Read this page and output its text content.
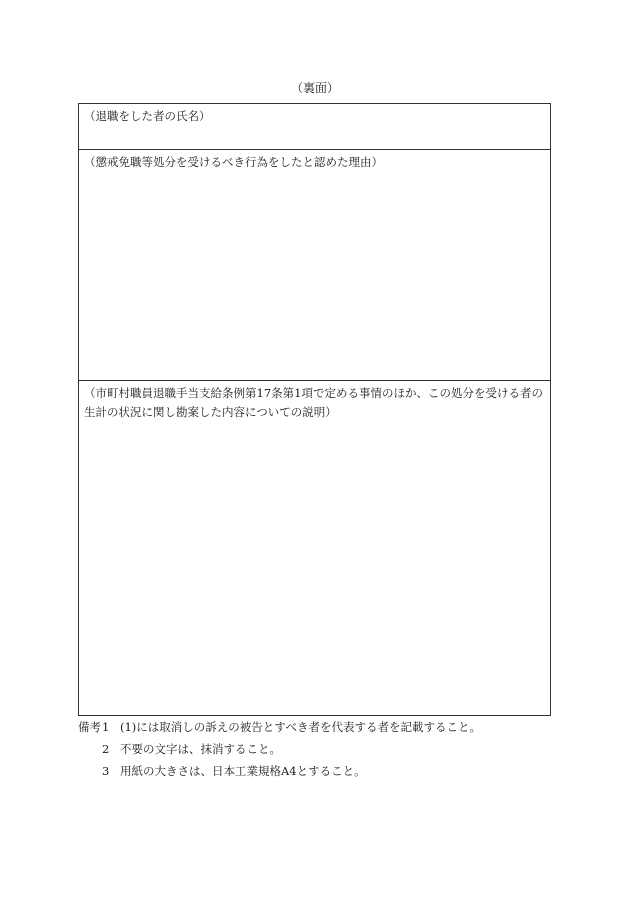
（裏面）
（退職をした者の氏名）
（懲戒免職等処分を受けるべき行為をしたと認めた理由）
（市町村職員退職手当支給条例第17条第1項で定める事情のほか、この処分を受ける者の生計の状況に関し勘案した内容についての説明）
備考 1 (1)には取消しの訴えの被告とすべき者を代表する者を記載すること。
2 不要の文字は、抹消すること。
3 用紙の大きさは、日本工業規格A4とすること。
